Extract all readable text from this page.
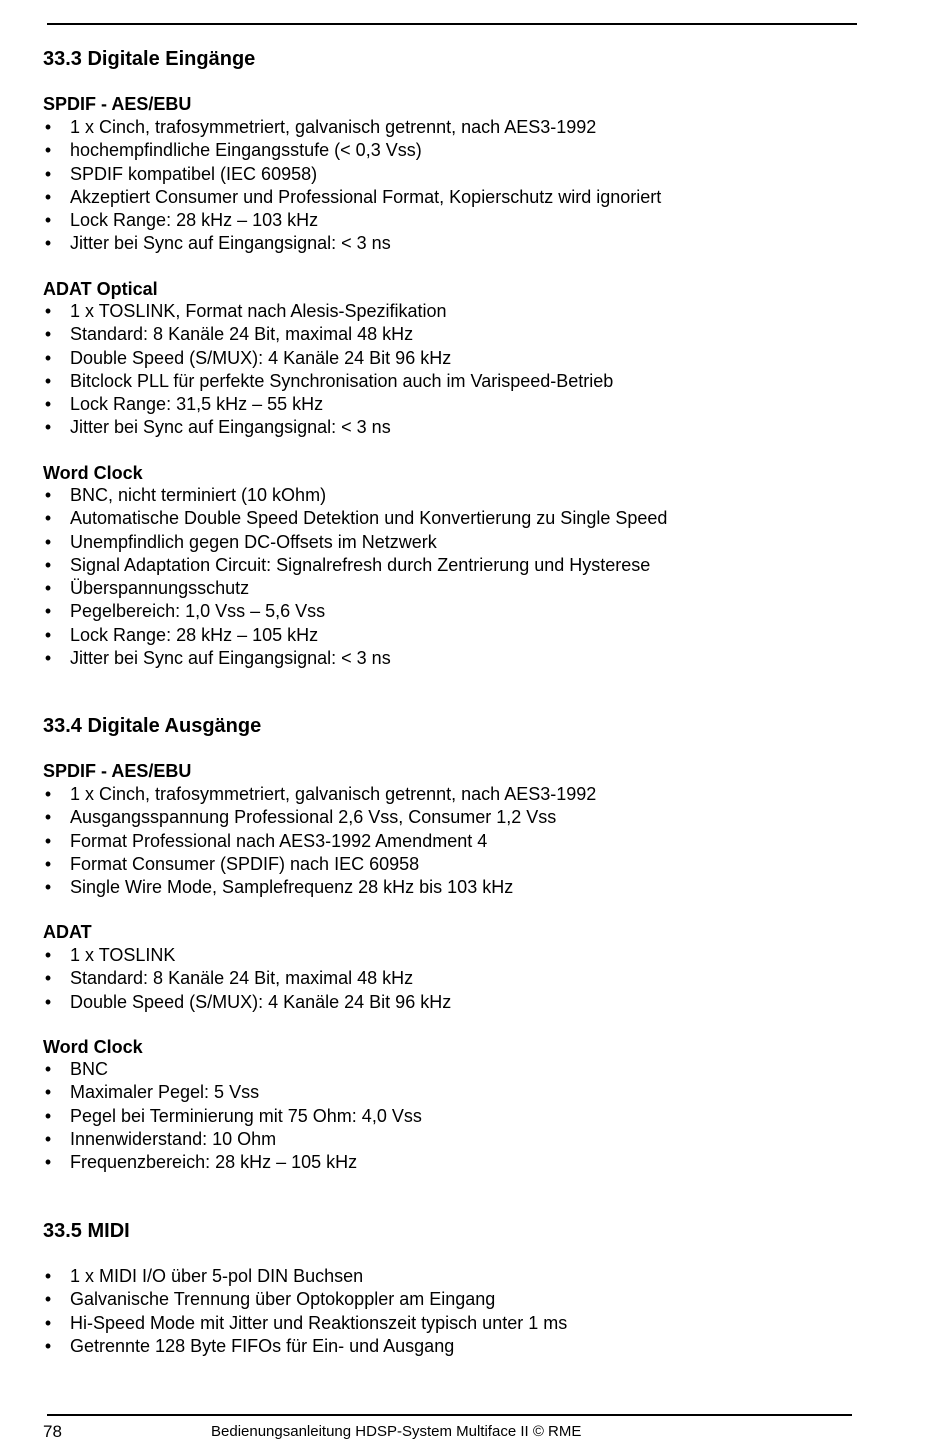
33.3 Digitale Eingänge
SPDIF - AES/EBU
• 1 x Cinch, trafosymmetriert, galvanisch getrennt, nach AES3-1992
• hochempfindliche Eingangsstufe (< 0,3 Vss)
• SPDIF kompatibel (IEC 60958)
• Akzeptiert Consumer und Professional Format, Kopierschutz wird ignoriert
• Lock Range: 28 kHz – 103 kHz
• Jitter bei Sync auf Eingangsignal: < 3 ns
ADAT Optical
• 1 x TOSLINK, Format nach Alesis-Spezifikation
• Standard: 8 Kanäle 24 Bit, maximal 48 kHz
• Double Speed (S/MUX): 4 Kanäle 24 Bit 96 kHz
• Bitclock PLL für perfekte Synchronisation auch im Varispeed-Betrieb
• Lock Range: 31,5 kHz – 55 kHz
• Jitter bei Sync auf Eingangsignal: < 3 ns
Word Clock
• BNC, nicht terminiert (10 kOhm)
• Automatische Double Speed Detektion und Konvertierung zu Single Speed
• Unempfindlich gegen DC-Offsets im Netzwerk
• Signal Adaptation Circuit: Signalrefresh durch Zentrierung und Hysterese
• Überspannungsschutz
• Pegelbereich: 1,0 Vss – 5,6 Vss
• Lock Range: 28 kHz – 105 kHz
• Jitter bei Sync auf Eingangsignal: < 3 ns
33.4 Digitale Ausgänge
SPDIF - AES/EBU
• 1 x Cinch, trafosymmetriert, galvanisch getrennt, nach AES3-1992
• Ausgangsspannung Professional 2,6 Vss, Consumer 1,2 Vss
• Format Professional nach AES3-1992 Amendment 4
• Format Consumer (SPDIF) nach IEC 60958
• Single Wire Mode, Samplefrequenz 28 kHz bis 103 kHz
ADAT
• 1 x TOSLINK
• Standard: 8 Kanäle 24 Bit, maximal 48 kHz
• Double Speed (S/MUX): 4 Kanäle 24 Bit 96 kHz
Word Clock
• BNC
• Maximaler Pegel: 5 Vss
• Pegel bei Terminierung mit 75 Ohm: 4,0 Vss
• Innenwiderstand: 10 Ohm
• Frequenzbereich: 28 kHz – 105 kHz
33.5 MIDI
• 1 x MIDI I/O über 5-pol DIN Buchsen
• Galvanische Trennung über Optokoppler am Eingang
• Hi-Speed Mode mit Jitter und Reaktionszeit typisch unter 1 ms
• Getrennte 128 Byte FIFOs für Ein- und Ausgang
78	Bedienungsanleitung HDSP-System Multiface II © RME
